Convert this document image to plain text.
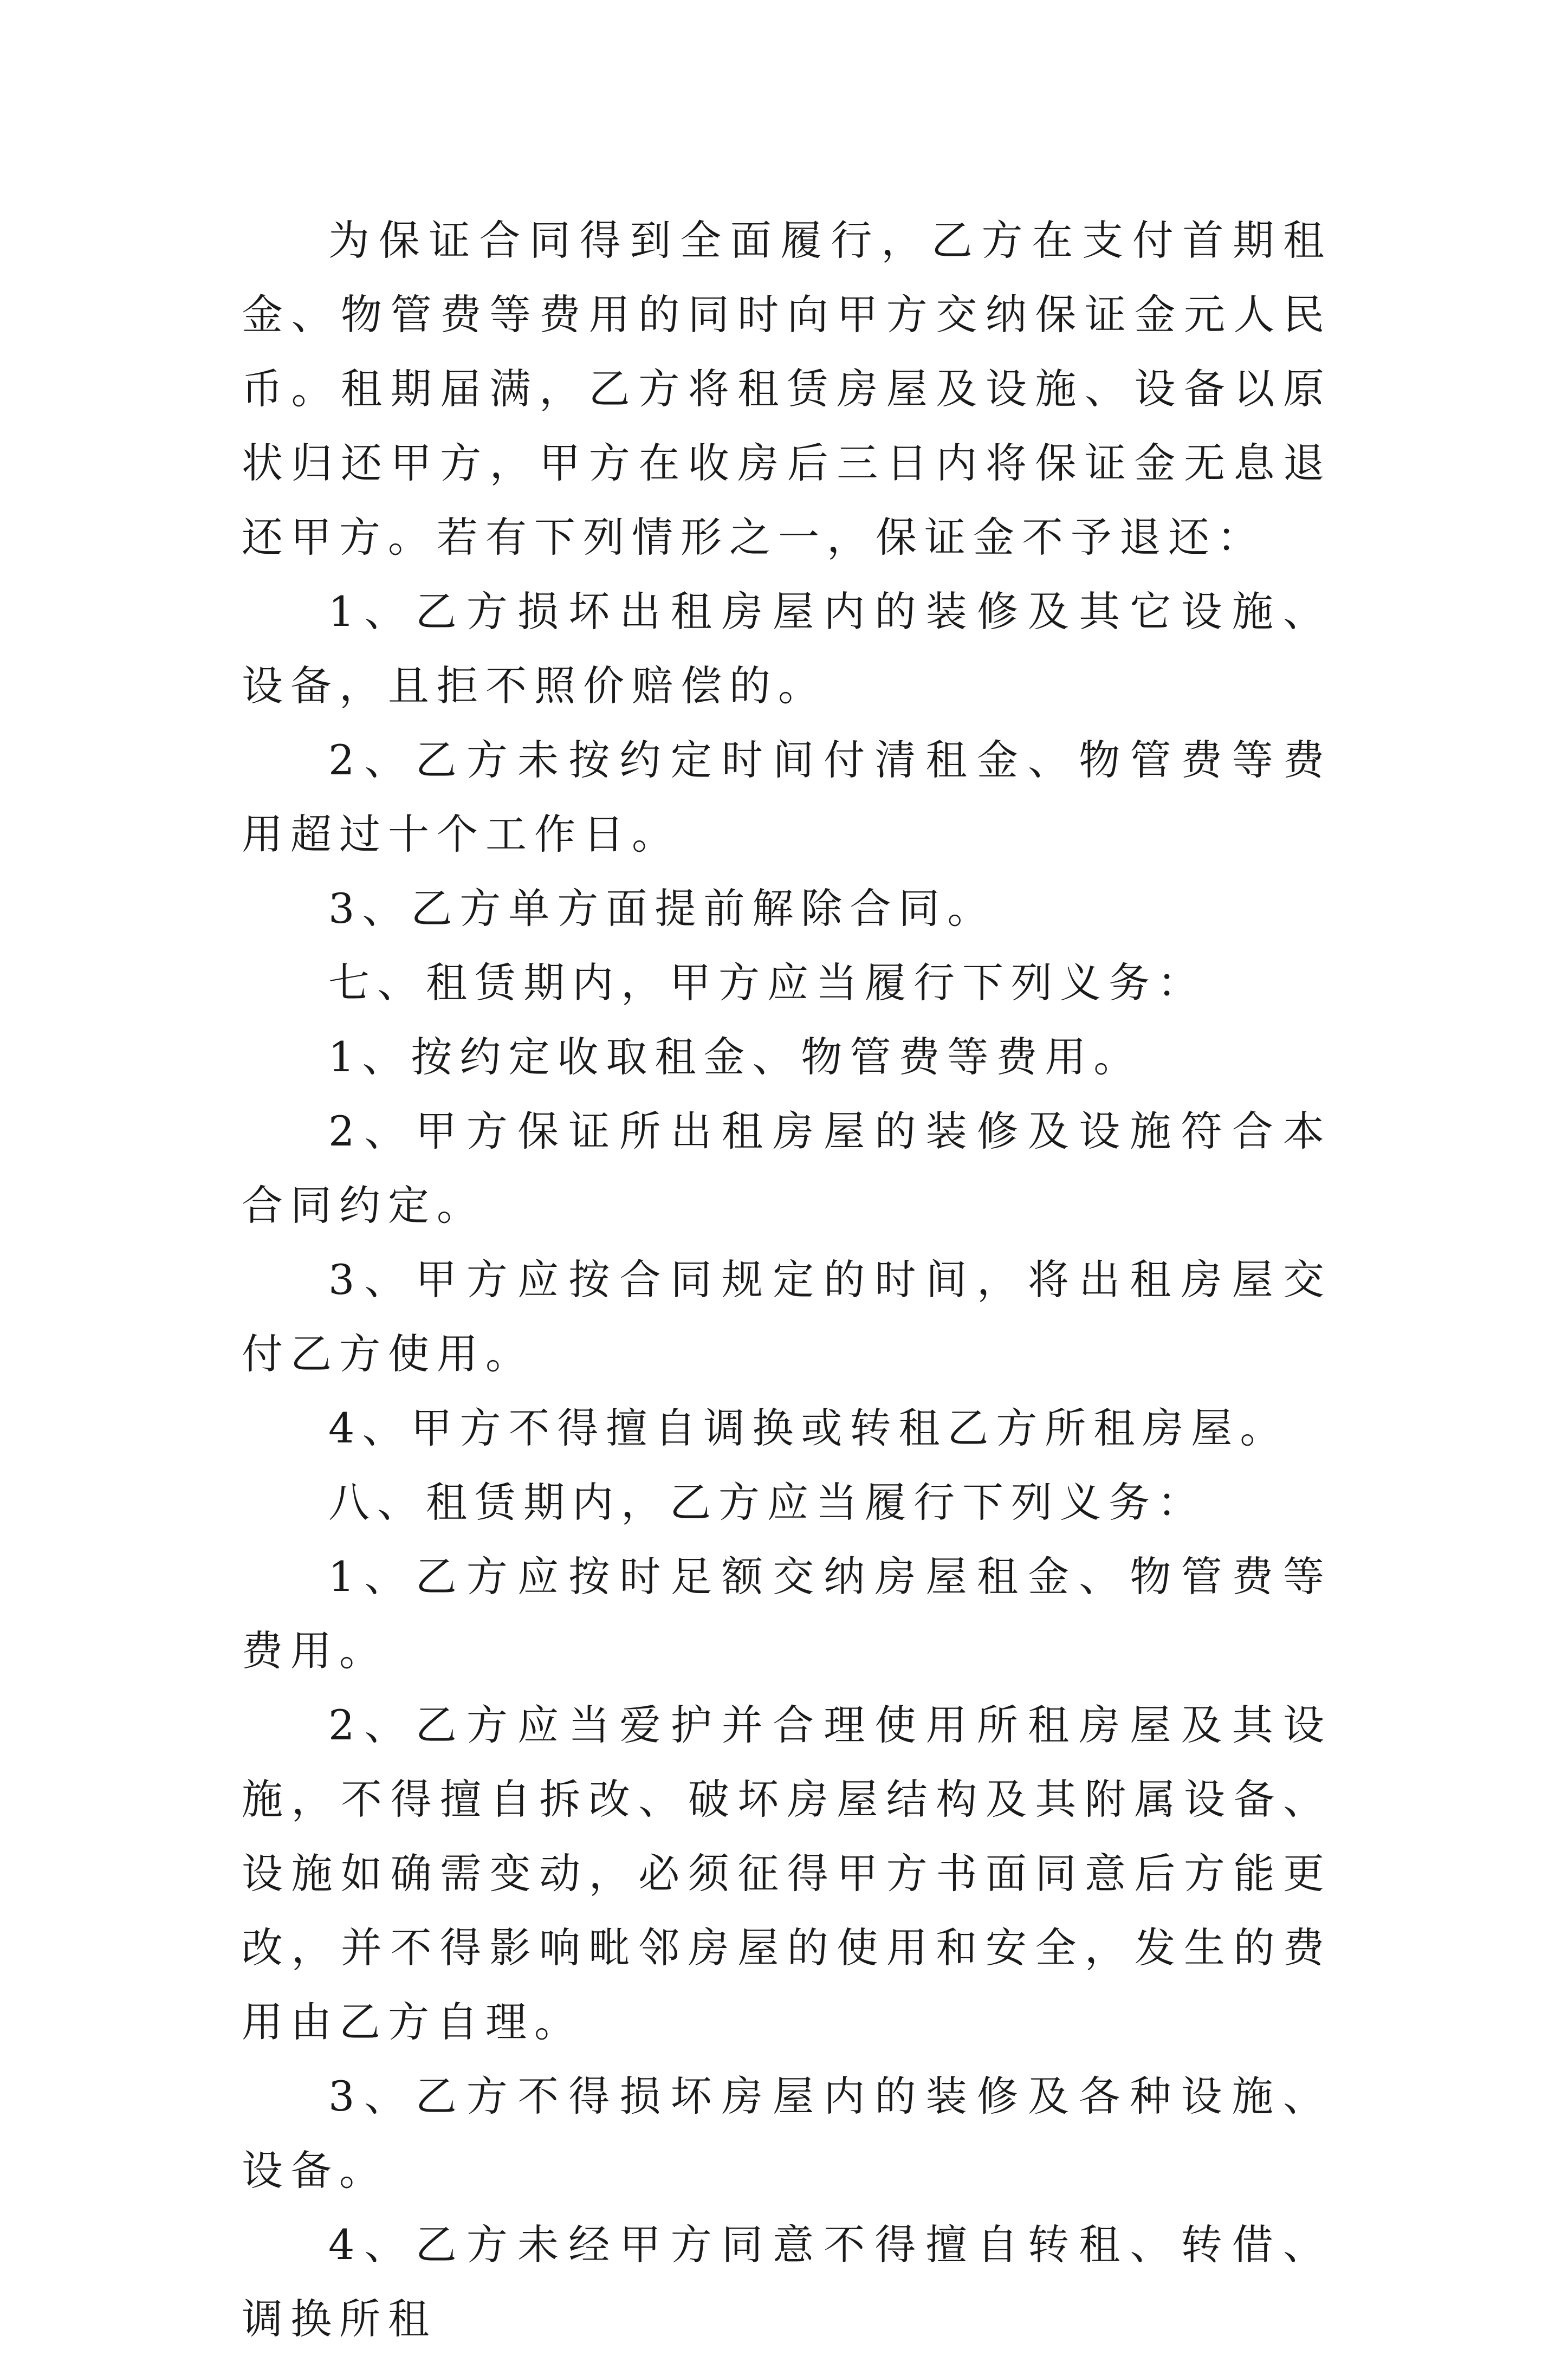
为保证合同得到全面履行，乙方在支付首期租金、物管费等费用的同时向甲方交纳保证金元人民币。租期届满，乙方将租赁房屋及设施、设备以原状归还甲方，甲方在收房后三日内将保证金无息退还甲方。若有下列情形之一，保证金不予退还：

1、乙方损坏出租房屋内的装修及其它设施、设备，且拒不照价赔偿的。

2、乙方未按约定时间付清租金、物管费等费用超过十个工作日。

3、乙方单方面提前解除合同。

七、租赁期内，甲方应当履行下列义务：

1、按约定收取租金、物管费等费用。

2、甲方保证所出租房屋的装修及设施符合本合同约定。

3、甲方应按合同规定的时间，将出租房屋交付乙方使用。

4、甲方不得擅自调换或转租乙方所租房屋。

八、租赁期内，乙方应当履行下列义务：

1、乙方应按时足额交纳房屋租金、物管费等费用。

2、乙方应当爱护并合理使用所租房屋及其设施，不得擅自拆改、破坏房屋结构及其附属设备、设施如确需变动，必须征得甲方书面同意后方能更改，并不得影响毗邻房屋的使用和安全，发生的费用由乙方自理。

3、乙方不得损坏房屋内的装修及各种设施、设备。

4、乙方未经甲方同意不得擅自转租、转借、调换所租
